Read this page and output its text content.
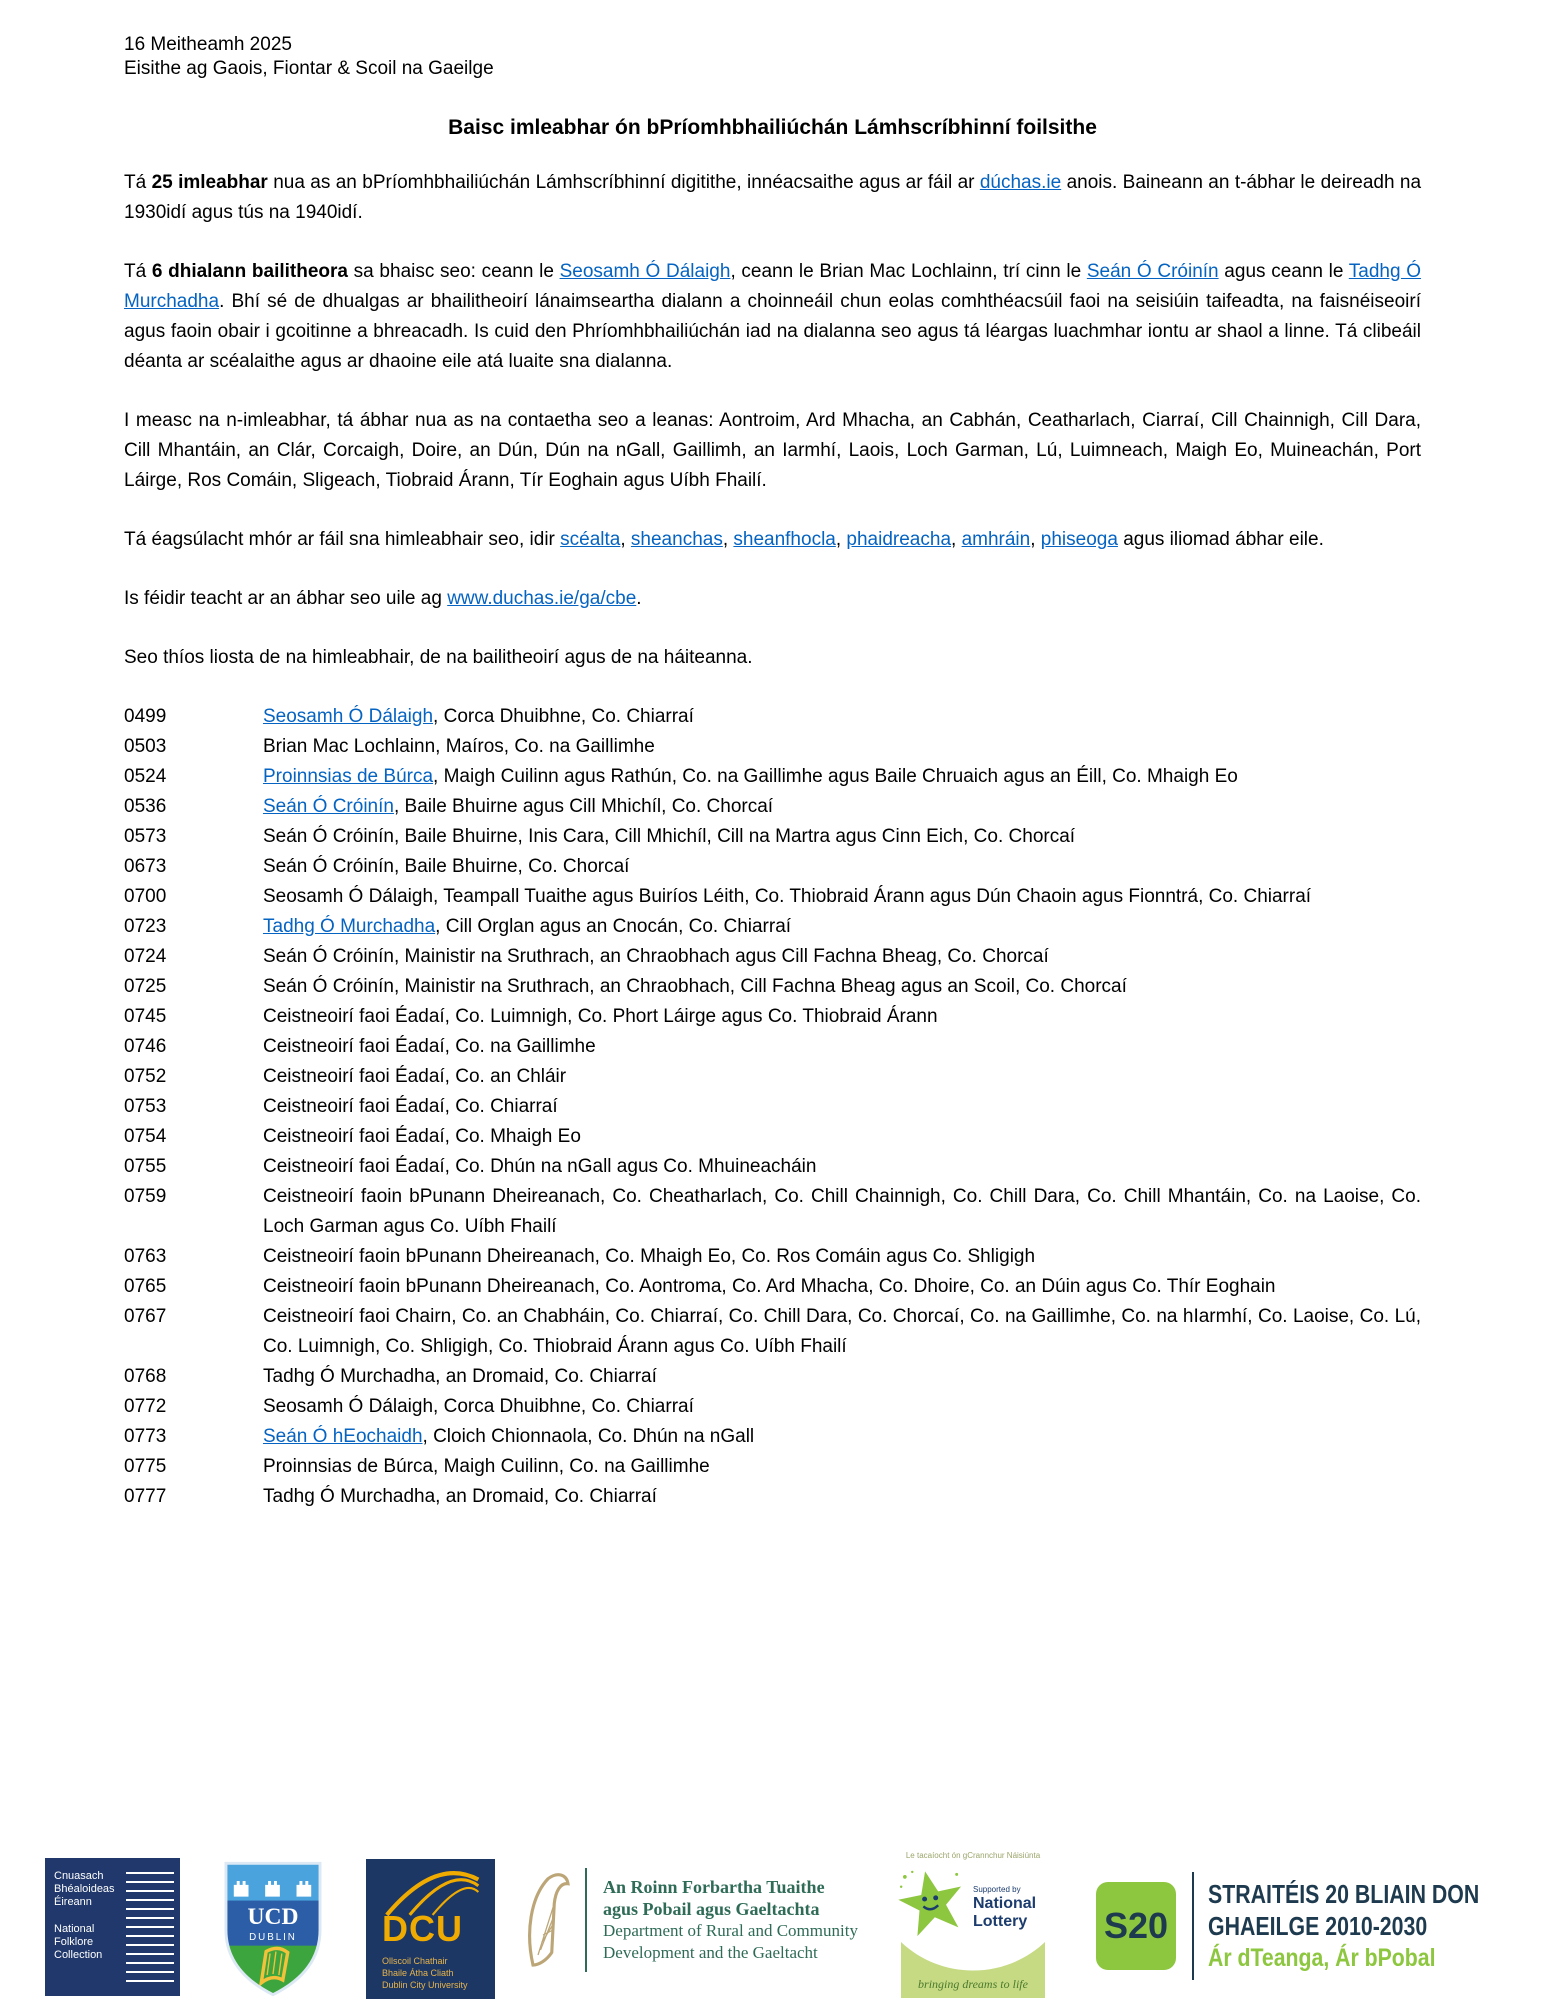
16 Meitheamh 2025
Eisithe ag Gaois, Fiontar & Scoil na Gaeilge
Baisc imleabhar ón bPríomhbhailiúchán Lámhscríbhinní foilsithe

Tá 25 imleabhar nua as an bPríomhbhailiúchán Lámhscríbhinní digitithe, innéacsaithe agus ar fáil ar dúchas.ie anois. Baineann an t-ábhar le deireadh na 1930idí agus tús na 1940idí.

Tá 6 dhialann bailitheora sa bhaisc seo: ceann le Seosamh Ó Dálaigh, ceann le Brian Mac Lochlainn, trí cinn le Seán Ó Cróinín agus ceann le Tadhg Ó Murchadha. Bhí sé de dhualgas ar bhailitheoirí lánaimseartha dialann a choinneáil chun eolas comhthéacsúil faoi na seisiúin taifeadta, na faisnéiseoirí agus faoin obair i gcoitinne a bhreacadh. Is cuid den Phríomhbhailiúchán iad na dialanna seo agus tá léargas luachmhar iontu ar shaol a linne. Tá clibeáil déanta ar scéalaithe agus ar dhaoine eile atá luaite sna dialanna.

I measc na n-imleabhar, tá ábhar nua as na contaetha seo a leanas: Aontroim, Ard Mhacha, an Cabhán, Ceatharlach, Ciarraí, Cill Chainnigh, Cill Dara, Cill Mhantáin, an Clár, Corcaigh, Doire, an Dún, Dún na nGall, Gaillimh, an Iarmhí, Laois, Loch Garman, Lú, Luimneach, Maigh Eo, Muineachán, Port Láirge, Ros Comáin, Sligeach, Tiobraid Árann, Tír Eoghain agus Uíbh Fhailí.

Tá éagsúlacht mhór ar fáil sna himleabhair seo, idir scéalta, sheanchas, sheanfhocla, phaidreacha, amhráin, phiseoga agus iliomad ábhar eile.

Is féidir teacht ar an ábhar seo uile ag www.duchas.ie/ga/cbe.

Seo thíos liosta de na himleabhair, de na bailitheoirí agus de na háiteanna.

0499	Seosamh Ó Dálaigh, Corca Dhuibhne, Co. Chiarraí
0503	Brian Mac Lochlainn, Maíros, Co. na Gaillimhe
0524	Proinnsias de Búrca, Maigh Cuilinn agus Rathún, Co. na Gaillimhe agus Baile Chruaich agus an Éill, Co. Mhaigh Eo
0536	Seán Ó Cróinín, Baile Bhuirne agus Cill Mhichíl, Co. Chorcaí
0573	Seán Ó Cróinín, Baile Bhuirne, Inis Cara, Cill Mhichíl, Cill na Martra agus Cinn Eich, Co. Chorcaí
0673	Seán Ó Cróinín, Baile Bhuirne, Co. Chorcaí
0700	Seosamh Ó Dálaigh, Teampall Tuaithe agus Buiríos Léith, Co. Thiobraid Árann agus Dún Chaoin agus Fionntrá, Co. Chiarraí
0723	Tadhg Ó Murchadha, Cill Orglan agus an Cnocán, Co. Chiarraí
0724	Seán Ó Cróinín, Mainistir na Sruthrach, an Chraobhach agus Cill Fachna Bheag, Co. Chorcaí
0725	Seán Ó Cróinín, Mainistir na Sruthrach, an Chraobhach, Cill Fachna Bheag agus an Scoil, Co. Chorcaí
0745	Ceistneoirí faoi Éadaí, Co. Luimnigh, Co. Phort Láirge agus Co. Thiobraid Árann
0746	Ceistneoirí faoi Éadaí, Co. na Gaillimhe
0752	Ceistneoirí faoi Éadaí, Co. an Chláir
0753	Ceistneoirí faoi Éadaí, Co. Chiarraí
0754	Ceistneoirí faoi Éadaí, Co. Mhaigh Eo
0755	Ceistneoirí faoi Éadaí, Co. Dhún na nGall agus Co. Mhuineacháin
0759	Ceistneoirí faoin bPunann Dheireanach, Co. Cheatharlach, Co. Chill Chainnigh, Co. Chill Dara, Co. Chill Mhantáin, Co. na Laoise, Co. Loch Garman agus Co. Uíbh Fhailí
0763	Ceistneoirí faoin bPunann Dheireanach, Co. Mhaigh Eo, Co. Ros Comáin agus Co. Shligigh
0765	Ceistneoirí faoin bPunann Dheireanach, Co. Aontroma, Co. Ard Mhacha, Co. Dhoire, Co. an Dúin agus Co. Thír Eoghain
0767	Ceistneoirí faoi Chairn, Co. an Chabháin, Co. Chiarraí, Co. Chill Dara, Co. Chorcaí, Co. na Gaillimhe, Co. na hIarmhí, Co. Laoise, Co. Lú, Co. Luimnigh, Co. Shligigh, Co. Thiobraid Árann agus Co. Uíbh Fhailí
0768	Tadhg Ó Murchadha, an Dromaid, Co. Chiarraí
0772	Seosamh Ó Dálaigh, Corca Dhuibhne, Co. Chiarraí
0773	Seán Ó hEochaidh, Cloich Chionnaola, Co. Dhún na nGall
0775	Proinnsias de Búrca, Maigh Cuilinn, Co. na Gaillimhe
0777	Tadhg Ó Murchadha, an Dromaid, Co. Chiarraí
Cnuasach Bhéaloideas Éireann
National Folklore Collection
UCD
DUBLIN DCU
Ollscoil Chathair
Bhaile Átha Cliath
Dublin City University
An Roinn Forbartha Tuaithe
agus Pobail agus Gaeltachta
Department of Rural and Community
Development and the Gaeltacht
Le tacaíocht ón gCrannchur Náisiúnta
Supported by
National
Lottery
bringing dreams to life
S20
STRAITÉIS 20 BLIAIN DON
GHAEILGE 2010-2030
Ár dTeanga, Ár bPobal
